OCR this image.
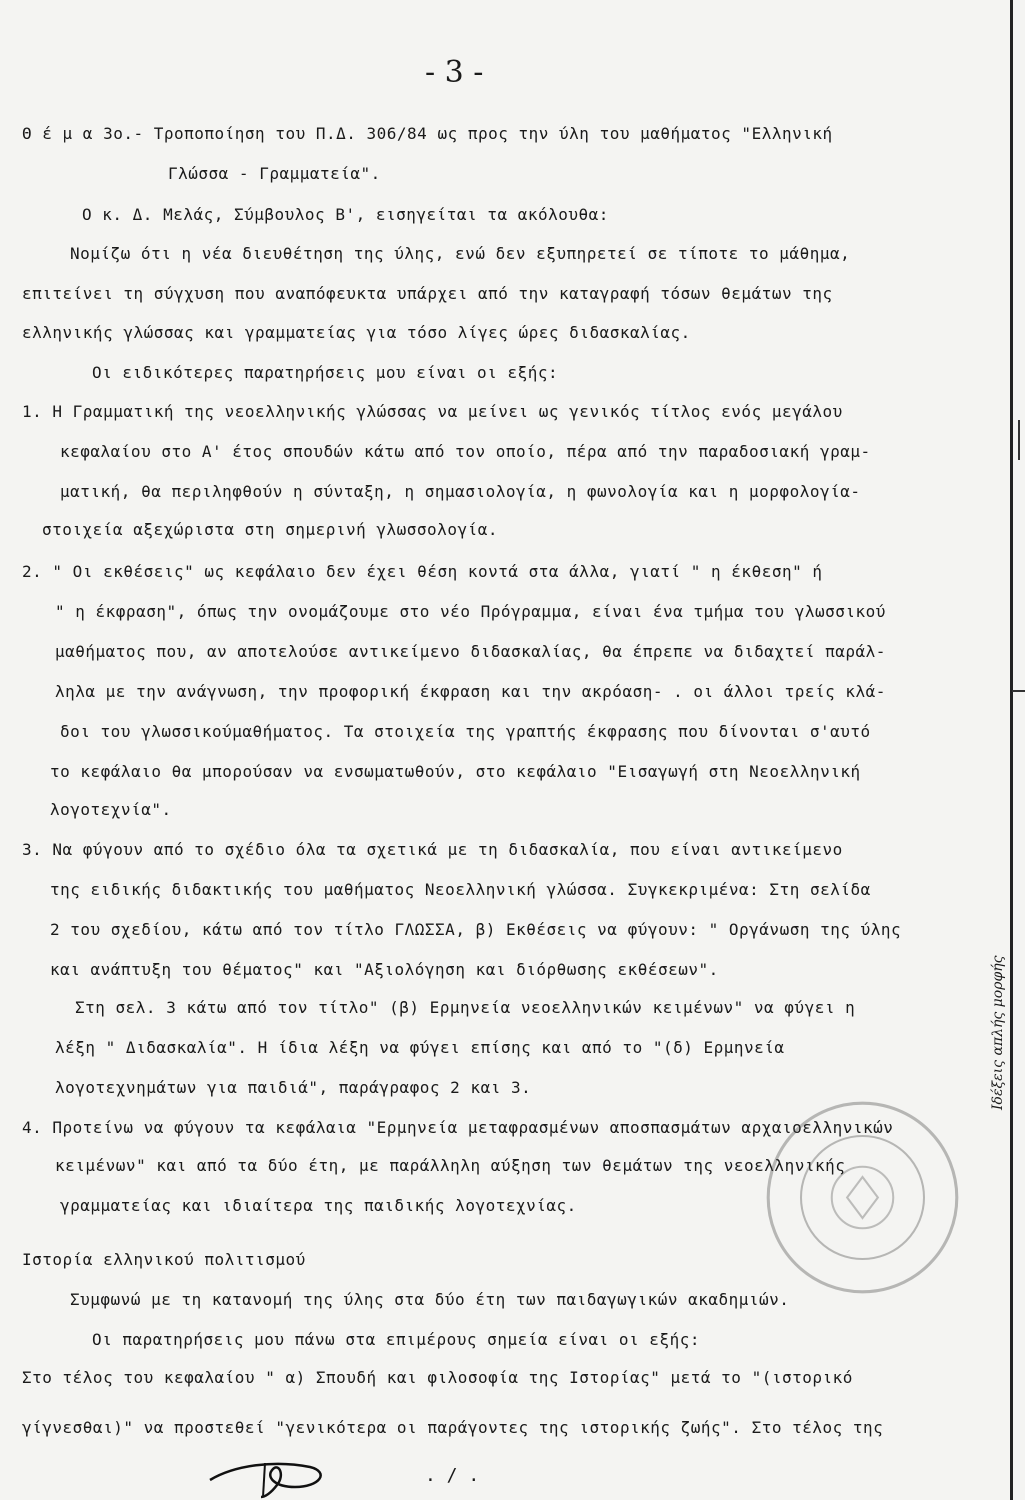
- 3 -
Θ έ μ α 3ο.- Τροποποίηση του Π.Δ. 306/84 ως προς την ύλη του μαθήματος "Ελληνική
Γλώσσα - Γραμματεία".
Ο κ. Δ. Μελάς, Σύμβουλος Β', εισηγείται τα ακόλουθα:
Νομίζω ότι η νέα διευθέτηση της ύλης, ενώ δεν εξυπηρετεί σε τίποτε το μάθημα,
επιτείνει τη σύγχυση που αναπόφευκτα υπάρχει από την καταγραφή τόσων θεμάτων της
ελληνικής γλώσσας και γραμματείας για τόσο λίγες ώρες διδασκαλίας.
Οι ειδικότερες παρατηρήσεις μου είναι οι εξής:
1. Η Γραμματική της νεοελληνικής γλώσσας να μείνει ως γενικός τίτλος ενός μεγάλου
κεφαλαίου στο Α' έτος σπουδών κάτω από τον οποίο, πέρα από την παραδοσιακή γραμ-
ματική, θα περιληφθούν η σύνταξη, η σημασιολογία, η φωνολογία και η μορφολογία-
στοιχεία αξεχώριστα στη σημερινή γλωσσολογία.
2. " Οι εκθέσεις" ως κεφάλαιο δεν έχει θέση κοντά στα άλλα, γιατί " η έκθεση" ή
" η έκφραση", όπως την ονομάζουμε στο νέο Πρόγραμμα, είναι ένα τμήμα του γλωσσικού
μαθήματος που, αν αποτελούσε αντικείμενο διδασκαλίας, θα έπρεπε να διδαχτεί παράλ-
ληλα με την ανάγνωση, την προφορική έκφραση και την ακρόαση- . οι άλλοι τρείς κλά-
δοι του γλωσσικούμαθήματος. Τα στοιχεία της γραπτής έκφρασης που δίνονται σ'αυτό
το κεφάλαιο θα μπορούσαν να ενσωματωθούν, στο κεφάλαιο "Εισαγωγή στη Νεοελληνική
λογοτεχνία".
3. Να φύγουν από το σχέδιο όλα τα σχετικά με τη διδασκαλία, που είναι αντικείμενο
της ειδικής διδακτικής του μαθήματος Νεοελληνική γλώσσα. Συγκεκριμένα: Στη σελίδα
2 του σχεδίου, κάτω από τον τίτλο ΓΛΩΣΣΑ, β) Εκθέσεις να φύγουν: " Οργάνωση της ύλης
και ανάπτυξη του θέματος" και "Αξιολόγηση και διόρθωσης εκθέσεων".
Στη σελ. 3 κάτω από τον τίτλο" (β) Ερμηνεία νεοελληνικών κειμένων" να φύγει η
λέξη " Διδασκαλία". Η ίδια λέξη να φύγει επίσης και από το "(δ) Ερμηνεία
λογοτεχνημάτων για παιδιά", παράγραφος 2 και 3.
4. Προτείνω να φύγουν τα κεφάλαια "Ερμηνεία μεταφρασμένων αποσπασμάτων αρχαιοελληνικών
κειμένων" και από τα δύο έτη, με παράλληλη αύξηση των θεμάτων της νεοελληνικής
γραμματείας και ιδιαίτερα της παιδικής λογοτεχνίας.
Ιστορία ελληνικού πολιτισμού
Συμφωνώ με τη κατανομή της ύλης στα δύο έτη των παιδαγωγικών ακαδημιών.
Οι παρατηρήσεις μου πάνω στα επιμέρους σημεία είναι οι εξής:
Στο τέλος του κεφαλαίου " α) Σπουδή και φιλοσοφία της Ιστορίας" μετά το "(ιστορικό
γίγνεσθαι)" να προστεθεί "γενικότερα οι παράγοντες της ιστορικής ζωής". Στο τέλος της
Ιδέξεις απλής μορφής
. / .
